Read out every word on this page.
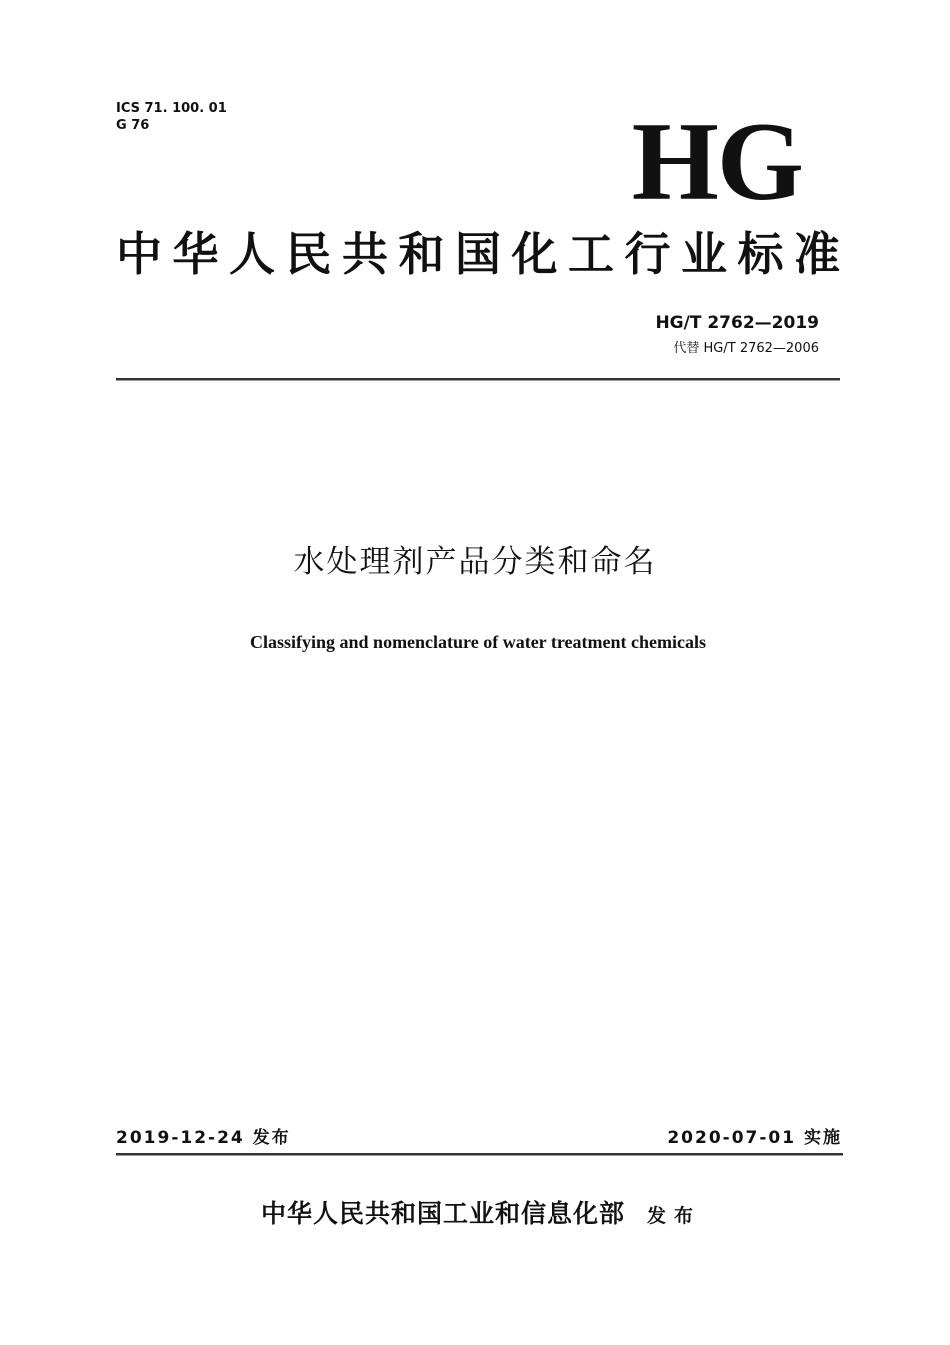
ICS 71. 100. 01
G 76	HG
中华人民共和国化工行业标准
HG/T 2762—2019
代替 HG/T 2762—2006
水处理剂产品分类和命名
Classifying and nomenclature of water treatment chemicals
2019-12-24 发布	2020-07-01 实施
中华人民共和国工业和信息化部 发布
